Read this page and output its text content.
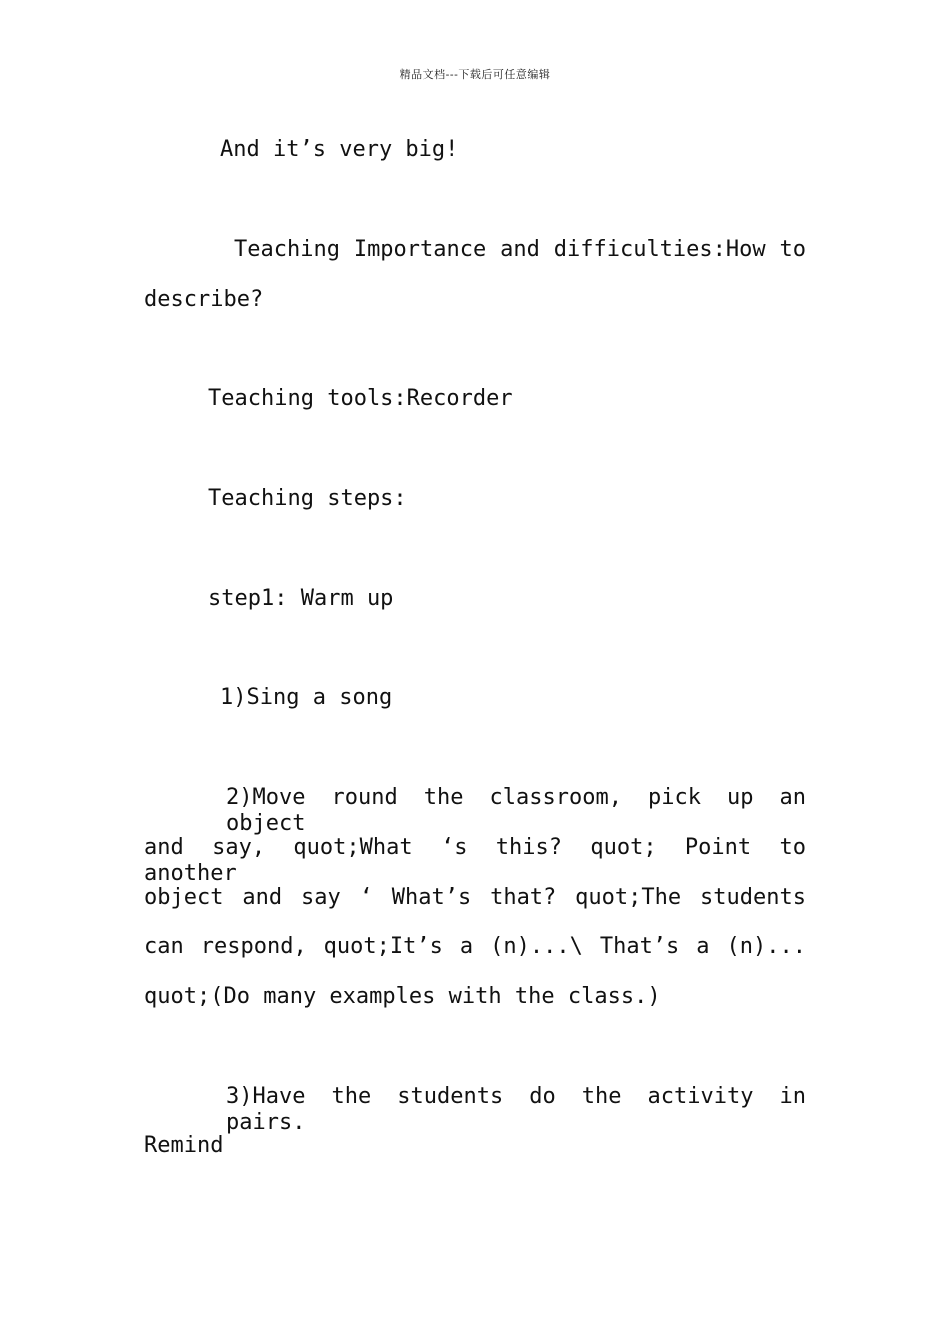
精品文档---下载后可任意编辑
And it’s very big!
Teaching Importance and difficulties:How to
describe?
Teaching tools:Recorder
Teaching steps:
step1: Warm up
1)Sing a song
2)Move round the classroom, pick up an object
and say, quot;What ‘s this? quot; Point to another
object and say ‘ What’s that? quot;The students
can respond, quot;It’s a (n)...\ That’s a (n)...
quot;(Do many examples with the class.)
3)Have the students do the activity in pairs.
Remind
